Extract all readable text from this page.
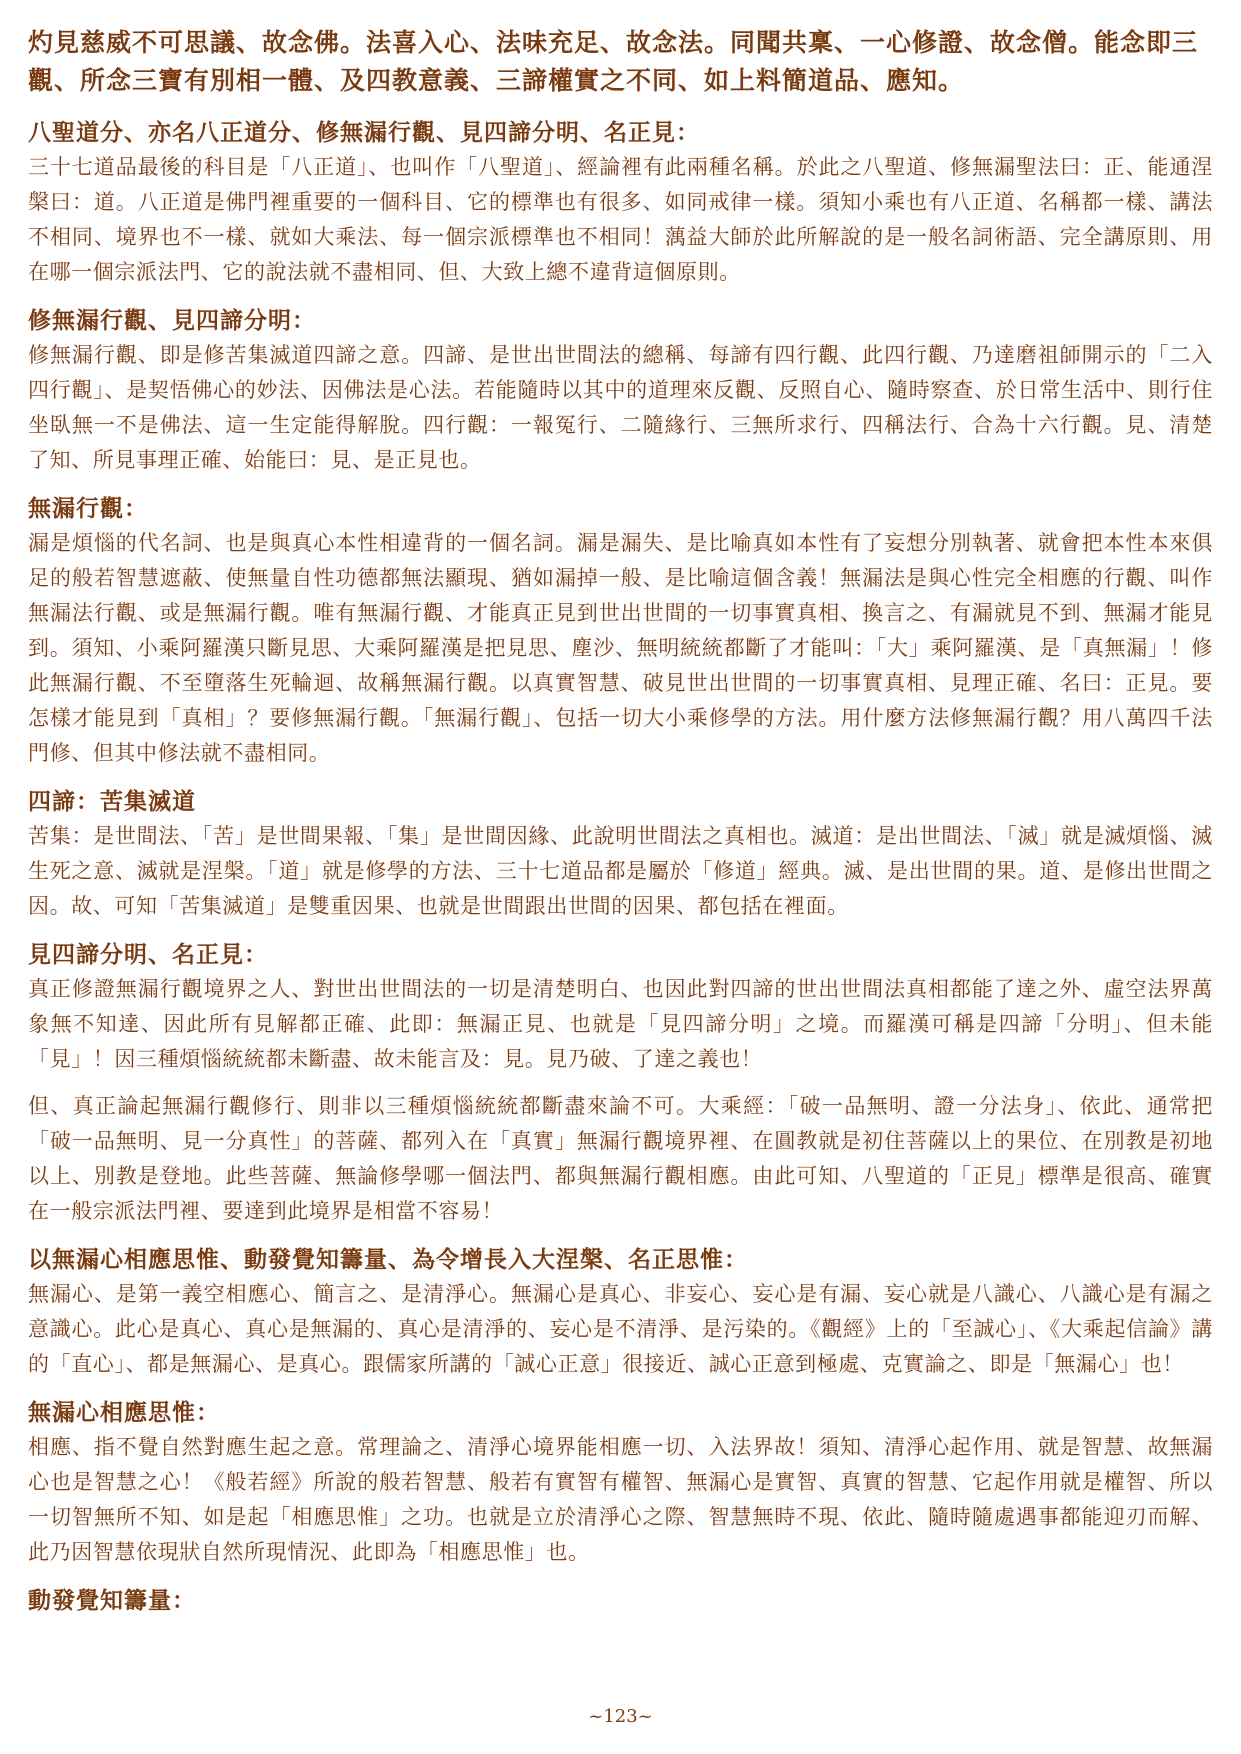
灼見慈威不可思議、故念佛。法喜入心、法味充足、故念法。同聞共稟、一心修證、故念僧。能念即三觀、所念三寶有別相一體、及四教意義、三諦權實之不同、如上料簡道品、應知。

八聖道分、亦名八正道分、修無漏行觀、見四諦分明、名正見：

三十七道品最後的科目是「八正道」、也叫作「八聖道」、經論裡有此兩種名稱。於此之八聖道、修無漏聖法曰：正、能通涅槃曰：道。八正道是佛門裡重要的一個科目、它的標準也有很多、如同戒律一樣。須知小乘也有八正道、名稱都一樣、講法不相同、境界也不一樣、就如大乘法、每一個宗派標準也不相同！蕅益大師於此所解說的是一般名詞術語、完全講原則、用在哪一個宗派法門、它的說法就不盡相同、但、大致上總不違背這個原則。

修無漏行觀、見四諦分明：

修無漏行觀、即是修苦集滅道四諦之意。四諦、是世出世間法的總稱、每諦有四行觀、此四行觀、乃達磨祖師開示的「二入四行觀」、是契悟佛心的妙法、因佛法是心法。若能隨時以其中的道理來反觀、反照自心、隨時察查、於日常生活中、則行住坐臥無一不是佛法、這一生定能得解脫。四行觀：一報冤行、二隨緣行、三無所求行、四稱法行、合為十六行觀。見、清楚了知、所見事理正確、始能曰：見、是正見也。

無漏行觀：

漏是煩惱的代名詞、也是與真心本性相違背的一個名詞。漏是漏失、是比喻真如本性有了妄想分別執著、就會把本性本來俱足的般若智慧遮蔽、使無量自性功德都無法顯現、猶如漏掉一般、是比喻這個含義！無漏法是與心性完全相應的行觀、叫作無漏法行觀、或是無漏行觀。唯有無漏行觀、才能真正見到世出世間的一切事實真相、換言之、有漏就見不到、無漏才能見到。須知、小乘阿羅漢只斷見思、大乘阿羅漢是把見思、塵沙、無明統統都斷了才能叫：「大」乘阿羅漢、是「真無漏」！修此無漏行觀、不至墮落生死輪迴、故稱無漏行觀。以真實智慧、破見世出世間的一切事實真相、見理正確、名曰：正見。要怎樣才能見到「真相」？要修無漏行觀。「無漏行觀」、包括一切大小乘修學的方法。用什麼方法修無漏行觀？用八萬四千法門修、但其中修法就不盡相同。

四諦：苦集滅道

苦集：是世間法、「苦」是世間果報、「集」是世間因緣、此說明世間法之真相也。滅道：是出世間法、「滅」就是滅煩惱、滅生死之意、滅就是涅槃。「道」就是修學的方法、三十七道品都是屬於「修道」經典。滅、是出世間的果。道、是修出世間之因。故、可知「苦集滅道」是雙重因果、也就是世間跟出世間的因果、都包括在裡面。

見四諦分明、名正見：

真正修證無漏行觀境界之人、對世出世間法的一切是清楚明白、也因此對四諦的世出世間法真相都能了達之外、虛空法界萬象無不知達、因此所有見解都正確、此即：無漏正見、也就是「見四諦分明」之境。而羅漢可稱是四諦「分明」、但未能「見」！因三種煩惱統統都未斷盡、故未能言及：見。見乃破、了達之義也！

但、真正論起無漏行觀修行、則非以三種煩惱統統都斷盡來論不可。大乘經：「破一品無明、證一分法身」、依此、通常把「破一品無明、見一分真性」的菩薩、都列入在「真實」無漏行觀境界裡、在圓教就是初住菩薩以上的果位、在別教是初地以上、別教是登地。此些菩薩、無論修學哪一個法門、都與無漏行觀相應。由此可知、八聖道的「正見」標準是很高、確實在一般宗派法門裡、要達到此境界是相當不容易！

以無漏心相應思惟、動發覺知籌量、為令增長入大涅槃、名正思惟：

無漏心、是第一義空相應心、簡言之、是清淨心。無漏心是真心、非妄心、妄心是有漏、妄心就是八識心、八識心是有漏之意識心。此心是真心、真心是無漏的、真心是清淨的、妄心是不清淨、是污染的。《觀經》上的「至誠心」、《大乘起信論》講的「直心」、都是無漏心、是真心。跟儒家所講的「誠心正意」很接近、誠心正意到極處、克實論之、即是「無漏心」也！

無漏心相應思惟：

相應、指不覺自然對應生起之意。常理論之、清淨心境界能相應一切、入法界故！須知、清淨心起作用、就是智慧、故無漏心也是智慧之心！《般若經》所說的般若智慧、般若有實智有權智、無漏心是實智、真實的智慧、它起作用就是權智、所以一切智無所不知、如是起「相應思惟」之功。也就是立於清淨心之際、智慧無時不現、依此、隨時隨處遇事都能迎刃而解、此乃因智慧依現狀自然所現情況、此即為「相應思惟」也。

動發覺知籌量：
~123~
